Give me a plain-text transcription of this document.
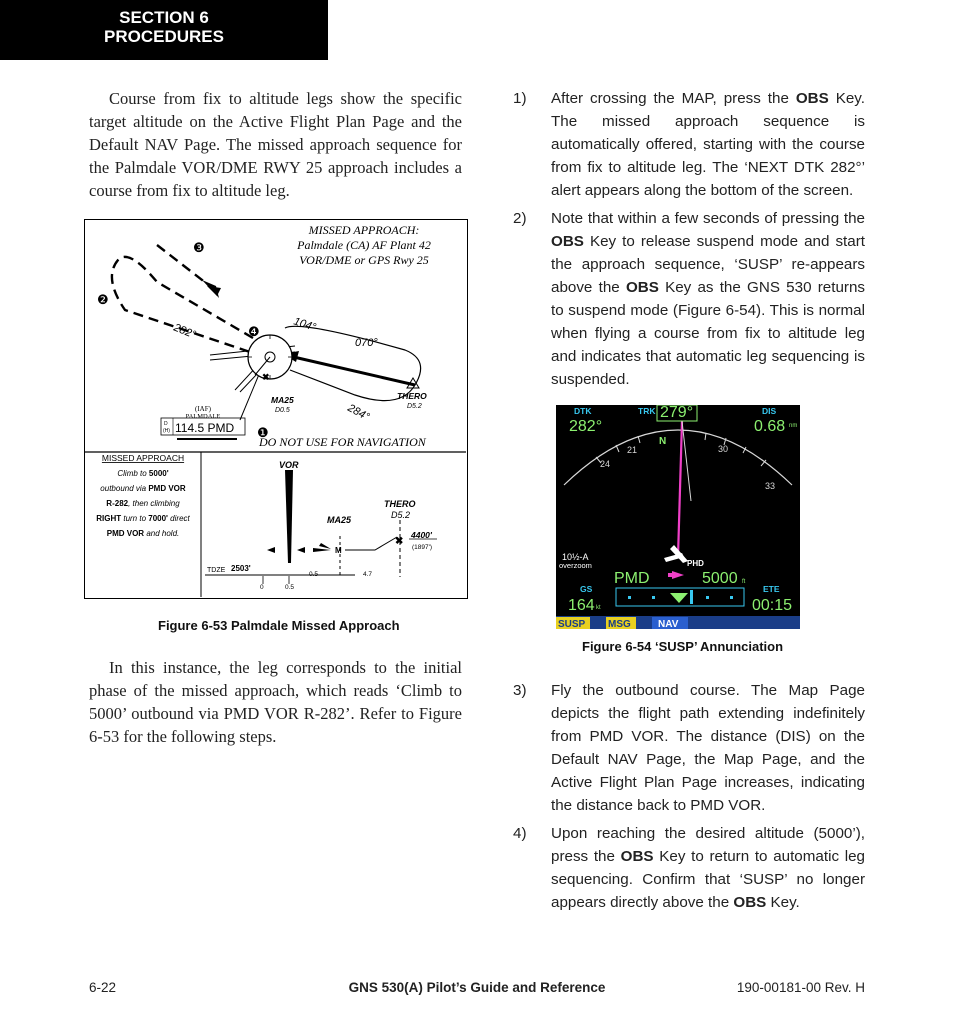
SECTION 6
PROCEDURES

Course from fix to altitude legs show the specific target altitude on the Active Flight Plan Page and the Default NAV Page. The missed approach sequence for the Palmdale VOR/DME RWY 25 approach includes a course from fix to altitude leg.

MISSED APPROACH:
Palmdale (CA) AF Plant 42
VOR/DME or GPS Rwy 25
✖
THERO
D5.2
MA25
D0.5
104°
070°
282°
284°
❶
❷
❸
❹
(IAF)
PALMDALE
D
(H) 114.5 PMD
DO NOT USE FOR NAVIGATION
MISSED APPROACH
Climb to 5000'
outbound via PMD VOR
R-282, then climbing
RIGHT turn to 7000' direct
PMD VOR and hold.
VOR
MA25
THERO
D5.2
4400'
(1897')
✖
M
TDZE 2503'
0	0.5
0.5	4.7
Figure 6-53 Palmdale Missed Approach

In this instance, the leg corresponds to the initial phase of the missed approach, which reads ‘Climb to 5000’ outbound via PMD VOR R-282’. Refer to Figure 6-53 for the following steps.

1) After crossing the MAP, press the OBS Key. The missed approach sequence is automatically offered, starting with the course from fix to altitude leg. The ‘NEXT DTK 282°’ alert appears along the bottom of the screen.
2) Note that within a few seconds of pressing the OBS Key to release suspend mode and start the approach sequence, ‘SUSP’ re-appears above the OBS Key as the GNS 530 returns to suspend mode (Figure 6-54). This is normal when flying a course from fix to altitude leg and indicates that automatic leg sequencing is suspended.
DTK
282°
TRK 279°	DIS
0.68 nm
N
30
33
24
21
10½-A
overzoom	PHD
PMD	5000 ft
GS
164 kt
ETE
00:15
SUSP MSG	NAV
Figure 6-54 ‘SUSP’ Annunciation
3) Fly the outbound course. The Map Page depicts the flight path extending indefinitely from PMD VOR. The distance (DIS) on the Default NAV Page, the Map Page, and the Active Flight Plan Page increases, indicating the distance back to PMD VOR.
4) Upon reaching the desired altitude (5000’), press the OBS Key to return to automatic leg sequencing. Confirm that ‘SUSP’ no longer appears directly above the OBS Key.
6-22	GNS 530(A) Pilot’s Guide and Reference	190-00181-00 Rev. H
